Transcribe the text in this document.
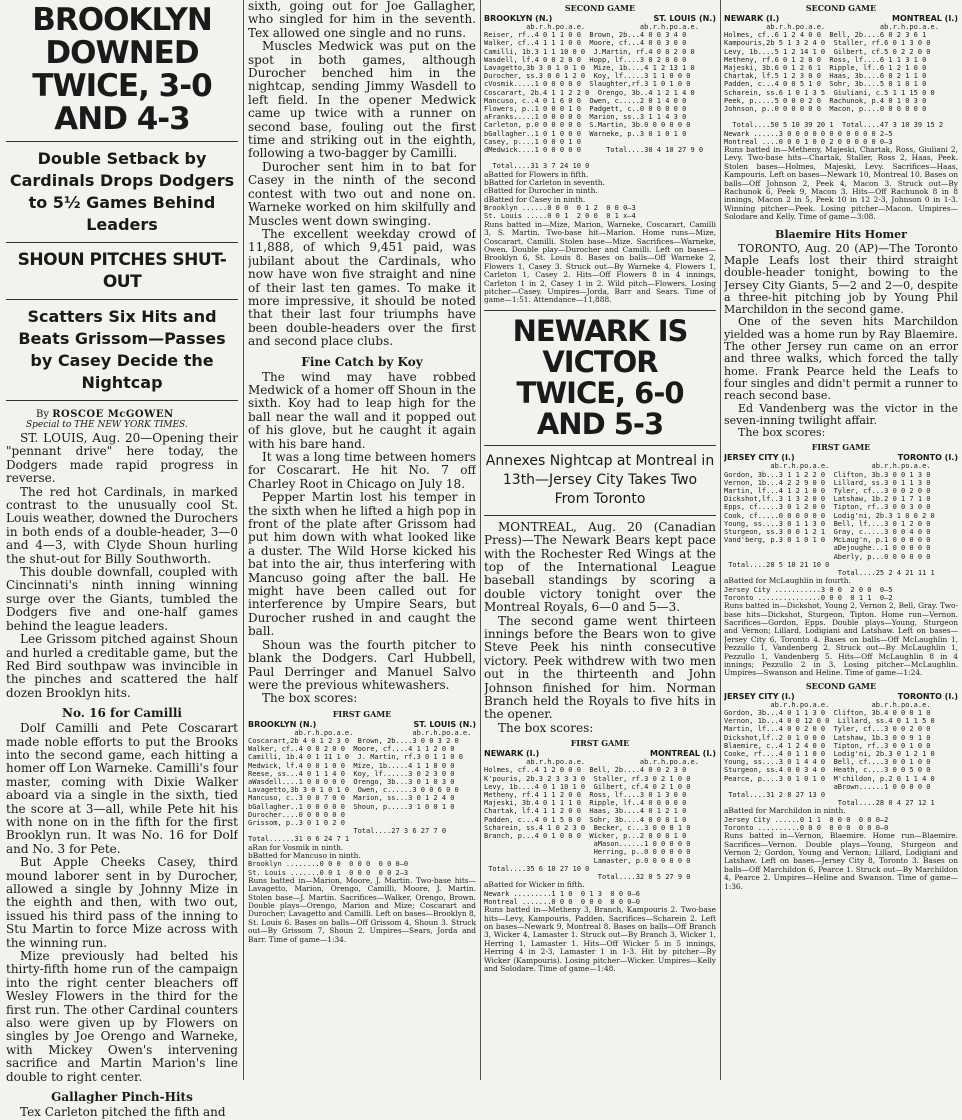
BROOKLYN DOWNED TWICE, 3-0 AND 4-3
Double Setback by Cardinals Drops Dodgers to 5½ Games Behind Leaders
SHOUN PITCHES SHUT-OUT
Scatters Six Hits and Beats Grissom—Passes by Casey Decide the Nightcap
By ROSCOE McGOWEN
Special to THE NEW YORK TIMES.

ST. LOUIS, Aug. 20—Opening their "pennant drive" here today, the Dodgers made rapid progress in reverse.

The red hot Cardinals, in marked contrast to the unusually cool St. Louis weather, downed the Durochers in both ends of a double-header, 3—0 and 4—3, with Clyde Shoun hurling the shut-out for Billy Southworth.

This double downfall, coupled with Cincinnati's ninth inning winning surge over the Giants, tumbled the Dodgers five and one-half games behind the league leaders.

Lee Grissom pitched against Shoun and hurled a creditable game, but the Red Bird southpaw was invincible in the pinches and scattered the half dozen Brooklyn hits.

No. 16 for Camilli

Dolf Camilli and Pete Coscarart made noble efforts to put the Brooks into the second game, each hitting a homer off Lon Warneke. Camilli's four master, coming with Dixie Walker aboard via a single in the sixth, tied the score at 3—all, while Pete hit his with none on in the fifth for the first Brooklyn run. It was No. 16 for Dolf and No. 3 for Pete.

But Apple Cheeks Casey, third mound laborer sent in by Durocher, allowed a single by Johnny Mize in the eighth and then, with two out, issued his third pass of the inning to Stu Martin to force Mize across with the winning run.

Mize previously had belted his thirty-fifth home run of the campaign into the right center bleachers off Wesley Flowers in the third for the first run. The other Cardinal counters also were given up by Flowers on singles by Joe Orengo and Warneke, with Mickey Owen's intervening sacrifice and Martin Marion's line double to right center.

Gallagher Pinch-Hits

Tex Carleton pitched the fifth and

sixth, going out for Joe Gallagher, who singled for him in the seventh. Tex allowed one single and no runs.

Muscles Medwick was put on the spot in both games, although Durocher benched him in the nightcap, sending Jimmy Wasdell to left field. In the opener Medwick came up twice with a runner on second base, fouling out the first time and striking out in the eighth, following a two-bagger by Camilli.

Durocher sent him in to bat for Casey in the ninth of the second contest with two out and none on. Warneke worked on him skilfully and Muscles went down swinging.

The excellent weekday crowd of 11,888, of which 9,451 paid, was jubilant about the Cardinals, who now have won five straight and nine of their last ten games. To make it more impressive, it should be noted that their last four triumphs have been double-headers over the first and second place clubs.

Fine Catch by Koy

The wind may have robbed Medwick of a homer off Shoun in the sixth. Koy had to leap high for the ball near the wall and it popped out of his glove, but he caught it again with his bare hand.

It was a long time between homers for Coscarart. He hit No. 7 off Charley Root in Chicago on July 18.

Pepper Martin lost his temper in the sixth when he lifted a high pop in front of the plate after Grissom had put him down with what looked like a duster. The Wild Horse kicked his bat into the air, thus interfering with Mancuso going after the ball. He might have been called out for interference by Umpire Sears, but Durocher rushed in and caught the ball.

Shoun was the fourth pitcher to blank the Dodgers. Carl Hubbell, Paul Derringer and Manuel Salvo were the previous whitewashers.

The box scores:

FIRST GAME
BROOKLYN (N.)	ST. LOUIS (N.)
ab.r.h.po.a.e.              ab.r.h.po.a.e.
Coscarart,2b 4 0 1 2 3 0  Brown, 2b....3 0 0 3 2 0
Walker, cf..4 0 0 2 0 0  Moore, cf....4 1 1 2 0 0
Camilli, 1b.4 0 1 11 1 0  J. Martin, rf.3 0 1 1 0 0
Medwick, lf.4 0 0 1 0 0  Mize, 1b.....4 1 1 8 0 0
Reese, ss...4 0 1 1 4 0  Koy, lf......3 0 2 3 0 0
aWasdell....1 0 0 0 0 0  Orengo, 3b...3 0 1 0 3 0
Lavagetto,3b 3 0 1 0 1 0  Owen, c......3 0 0 6 0 0
Mancuso, c..3 0 0 7 0 0  Marion, ss...3 0 1 2 4 0
bGallagher..1 0 0 0 0 0  Shoun, p.....3 1 0 0 1 0
Durocher....0 0 0 0 0 0
Grissom, p..3 0 1 0 2 0
Total....27 3 6 27 7 0
Total......31 0 6 24 7 1
aRan for Vosmik in ninth.
bBatted for Mancuso in ninth.
Brooklyn ........0 0 0  0 0 0  0 0 0—0
St. Louis .......0 0 1  0 0 0  0 0 2—3
Runs batted in—Marion, Moore, J. Martin. Two-base hits—Lavagetto, Marion, Orengo, Camilli, Moore, J. Martin. Stolen base—J. Martin. Sacrifices—Walker, Orengo, Brown. Double plays—Orengo, Marion and Mize; Coscarart and Durocher; Lavagetto and Camilli. Left on bases—Brooklyn 8, St. Louis 6. Bases on balls—Off Grissom 4, Shoun 3. Struck out—By Grissom 7, Shoun 2. Umpires—Sears, Jorda and Barr. Time of game—1:34.
SECOND GAME
BROOKLYN (N.)	ST. LOUIS (N.)
ab.r.h.po.a.e.             ab.r.h.po.a.e.
Reiser, rf..4 0 1 1 0 0  Brown, 2b...4 0 0 3 4 0
Walker, cf..4 1 1 1 0 0  Moore, cf...4 0 0 3 0 0
Camilli, 1b.3 1 1 10 0 0  J.Martin, rf.4 0 0 2 0 0
Wasdell, lf.4 0 0 2 0 0  Hopp, lf....3 0 2 0 0 0
Lavagetto,3b 3 0 1 0 1 0  Mize, 1b....4 1 2 13 1 0
Durocher, ss.3 0 0 1 2 0  Koy, lf.....3 1 1 0 0 0
cVosmik.....1 0 0 0 0 0  Slaughter,rf.3 1 0 1 0 0
Coscarart, 2b.4 1 1 2 2 0  Orengo, 3b..4 1 2 1 4 0
Mancuso, c..4 0 1 6 0 0  Owen, c.....2 0 1 4 0 0
Flowers, p..1 0 0 0 1 0  Padgett, c..0 0 0 0 0 0
aFranks.....1 0 0 0 0 0  Marion, ss..3 1 1 4 3 0
Carleton, p.0 0 0 0 0 0  S.Martin, 3b.0 0 0 0 0 0
bGallagher..1 0 1 0 0 0  Warneke, p..3 0 1 0 1 0
Casey, p....1 0 0 0 1 0
dMedwick....1 0 0 0 0 0      Total....30 4 10 27 9 0

Total....31 3 7 24 10 0
aBatted for Flowers in fifth.
bBatted for Carleton in seventh.
cBatted for Durocher in ninth.
dBatted for Casey in ninth.
Brooklyn ......0 0 0  0 1 2  0 0 0—3
St. Louis .....0 0 1  2 0 0  0 1 x—4
Runs batted in—Mize, Marion, Warneke, Coscarart, Camilli 3, S. Martin. Two-base hit—Marion. Home runs—Mize, Coscarart, Camilli. Stolen base—Mize. Sacrifices—Warneke, Owen. Double play—Durocher and Camilli. Left on bases—Brooklyn 6, St. Louis 8. Bases on balls—Off Warneke 2, Flowers 1, Casey 3. Struck out—By Warneke 4, Flowers 1, Carleton 1, Casey 2. Hits—Off Flowers 8 in 4 innings, Carleton 1 in 2, Casey 1 in 2. Wild pitch—Flowers. Losing pitcher—Casey. Umpires—Jorda, Barr and Sears. Time of game—1:51. Attendance—11,888.
NEWARK IS VICTOR TWICE, 6-0 AND 5-3
Annexes Nightcap at Montreal in 13th—Jersey City Takes Two From Toronto

MONTREAL, Aug. 20 (Canadian Press)—The Newark Bears kept pace with the Rochester Red Wings at the top of the International League baseball standings by scoring a double victory tonight over the Montreal Royals, 6—0 and 5—3.

The second game went thirteen innings before the Bears won to give Steve Peek his ninth consecutive victory. Peek withdrew with two men out in the thirteenth and John Johnson finished for him. Norman Branch held the Royals to five hits in the opener.

The box scores:

FIRST GAME
NEWARK (I.)	MONTREAL (I.)
ab.r.h.po.a.e.             ab.r.h.po.a.e.
Holmes, cf..4 1 2 0 0 0  Bell, 2b....4 0 0 2 3 0
K'pouris, 2b.3 2 3 3 3 0  Staller, rf.3 0 2 1 0 0
Levy, 1b....4 0 1 10 1 0  Gilbert, cf.4 0 2 1 0 0
Metheny, rf.4 1 1 2 0 0  Ross, lf....3 0 1 3 0 0
Majeski, 3b.4 0 1 1 1 0  Ripple, lf..4 0 0 0 0 0
Chartak, lf.4 1 1 2 0 0  Haas, 3b....4 0 1 2 1 0
Padden, c...4 0 1 5 0 0  Sohr, 3b....4 0 0 0 1 0
Scharein, ss.4 1 0 2 3 0  Becker, c...3 0 0 8 1 0
Branch, p...4 0 1 0 0 0  Wicker, p...2 0 0 0 1 0
aMason......1 0 0 0 0 0
Herring, p..0 0 0 0 0 0
Lamaster, p.0 0 0 0 0 0
Total....35 6 10 27 10 0
Total....32 0 5 27 9 0
aBatted for Wicker in fifth.
Newark .........1 1 0  0 1 3  0 0 0—6
Montreal .......0 0 0  0 0 0  0 0 0—0
Runs batted in—Metheny 3, Branch, Kampouris 2. Two-base hits—Levy, Kampouris, Padden. Sacrifices—Scharein 2. Left on bases—Newark 9, Montreal 8. Bases on balls—Off Branch 3, Wicker 4, Lamaster 1. Struck out—By Branch 3, Wicker 1, Herring 1, Lamaster 1. Hits—Off Wicker 5 in 5 innings, Herring 4 in 2-3, Lamaster 1 in 1-3. Hit by pitcher—By Wicker (Kampouris). Losing pitcher—Wicker. Umpires—Kelly and Solodare. Time of game—1:48.
SECOND GAME
NEWARK (I.)	MONTREAL (I.)
ab.r.h.po.a.e.             ab.r.h.po.a.e.
Holmes, cf..6 1 2 4 0 0  Bell, 2b....6 0 2 3 6 1
Kampouris,2b 5 1 3 2 4 0  Staller, rf.6 0 1 3 0 0
Levy, 1b....5 1 2 14 1 0  Gilbert, cf.5 0 2 2 0 0
Metheny, rf.6 0 1 2 0 0  Ross, lf....6 1 1 3 1 0
Majeski, 3b.6 0 1 2 6 1  Ripple, lf..6 1 2 1 0 0
Chartak, lf.5 1 2 3 0 0  Haas, 3b....6 0 2 1 1 0
Padden, c...4 0 0 5 1 0  Sohr, 3b....5 0 1 0 1 0
Scharein, ss.6 1 0 1 3 5  Giuliani, c.5 1 1 15 0 0
Peek, p.....5 0 0 0 2 0  Rachunok, p.4 0 1 0 3 0
Johnson, p..0 0 0 0 0 0  Macon, p....0 0 0 0 0 0

Total....50 5 10 39 20 1  Total....47 3 10 39 15 2
Newark ......3 0 0 0 0 0 0 0 0 0 0 0 2—5
Montreal ....0 0 0 1 0 0 2 0 0 0 0 0 0—3
Runs batted in—Metheny, Majeski, Chartak, Ross, Giuliani 2, Levy. Two-base hits—Chartak, Staller, Ross 2, Haas, Peek. Stolen bases—Holmes, Majeski, Levy. Sacrifices—Haas, Kampouris. Left on bases—Newark 10, Montreal 10. Bases on balls—Off Johnson 2, Peek 4, Macon 3. Struck out—By Rachunok 6, Peek 9, Macon 3. Hits—Off Rachunok 8 in 8 innings, Macon 2 in 5, Peek 10 in 12 2-3, Johnson 0 in 1-3. Winning pitcher—Peek. Losing pitcher—Macon. Umpires—Solodare and Kelly. Time of game—3:08.
Blaemire Hits Homer

TORONTO, Aug. 20 (AP)—The Toronto Maple Leafs lost their third straight double-header tonight, bowing to the Jersey City Giants, 5—2 and 2—0, despite a three-hit pitching job by Young Phil Marchildon in the second game.

One of the seven hits Marchildon yielded was a home run by Ray Blaemire. The other Jersey run came on an error and three walks, which forced the tally home. Frank Pearce held the Leafs to four singles and didn't permit a runner to reach second base.

Ed Vandenberg was the victor in the seven-inning twilight affair.

The box scores:

FIRST GAME
JERSEY CITY (I.)	TORONTO (I.)
ab.r.h.po.a.e.          ab.r.h.po.a.e.
Gordon, 3b...3 1 1 2 2 0  Clifton, 3b.3 0 0 1 3 0
Vernon, 1b...4 2 2 9 0 0  Lillard, ss.3 0 1 1 3 0
Martin, lf...4 1 2 1 0 0  Tyler, cf...3 0 0 2 0 0
Dickshot,lf..3 1 3 2 0 0  Latshaw, 1b.2 0 1 7 1 0
Epps, cf.....3 0 1 2 0 0  Tipton, rf..3 0 0 3 0 0
Cook, cf.....0 0 0 0 0 0  Lodig'ni, 2b.3 1 0 0 2 0
Young, ss....3 0 1 1 3 0  Bell, lf....3 0 1 2 0 0
Sturgeon, ss.3 0 0 1 2 1  Gray, c.....3 0 0 4 0 0
Vand'berg, p.3 0 1 0 1 0  McLaug'n, p.1 0 0 0 0 0
aDejoughe...1 0 0 0 0 0
Aberly, p...0 0 0 0 0 0
Total....28 5 10 21 10 0
Total....25 2 4 21 11 1
aBatted for McLaughlin in fourth.
Jersey City ...........3 0 0  2 0 0  0—5
Toronto ...............0 0 0  0 1 1  0—2
Runs batted in—Dickshot, Young 2, Vernon 2, Bell, Gray. Two-base hits—Dickshot, Sturgeon, Tipton. Home run—Vernon. Sacrifices—Gordon, Epps. Double plays—Young, Sturgeon and Vernon; Lillard, Lodigiani and Latshaw. Left on bases—Jersey City 6, Toronto 4. Bases on balls—Off McLaughlin 1, Pezzullo 1, Vandenberg 2. Struck out—By McLaughlin 1, Pezzullo 1, Vandenberg 5. Hits—Off McLaughlin 8 in 4 innings; Pezzullo 2 in 3. Losing pitcher—McLaughlin. Umpires—Swanson and Heline. Time of game—1:24.
SECOND GAME
JERSEY CITY (I.)	TORONTO (I.)
ab.r.h.po.a.e.          ab.r.h.po.a.e.
Gordon, 3b...4 0 1 1 3 0  Clifton, 3b.4 0 0 0 1 0
Vernon, 1b...4 0 0 12 0 0  Lillard, ss.4 0 1 1 5 0
Martin, lf...4 0 0 2 0 0  Tyler, cf...3 0 0 2 0 0
Dickshot,lf..2 0 1 0 0 0  Latshaw, 1b.3 0 0 9 1 0
Blaemire, c..4 1 2 4 0 0  Tipton, rf..3 0 0 1 0 0
Cooke, rf....4 0 1 1 0 0  Lodig'ni, 2b.3 0 1 2 1 0
Young, ss....3 0 1 4 4 0  Bell, cf....3 0 0 1 0 0
Sturgeon, ss.4 0 0 3 4 0  Heath, c....3 0 0 5 0 0
Pearce, p....3 0 1 0 1 0  M'childon, p.2 0 1 1 4 0
aBrown......1 0 0 0 0 0
Total....31 2 8 27 13 0
Total....28 0 4 27 12 1
aBatted for Marchildon in ninth.
Jersey City ......0 1 1  0 0 0  0 0 0—2
Toronto ..........0 0 0  0 0 0  0 0 0—0
Runs batted in—Vernon, Blaemire. Home run—Blaemire. Sacrifices—Vernon. Double plays—Young, Sturgeon and Vernon 2; Gordon, Young and Vernon; Lillard, Lodigiani and Latshaw. Left on bases—Jersey City 8, Toronto 3. Bases on balls—Off Marchildon 6, Pearce 1. Struck out—By Marchildon 4, Pearce 2. Umpires—Heline and Swanson. Time of game—1:36.
